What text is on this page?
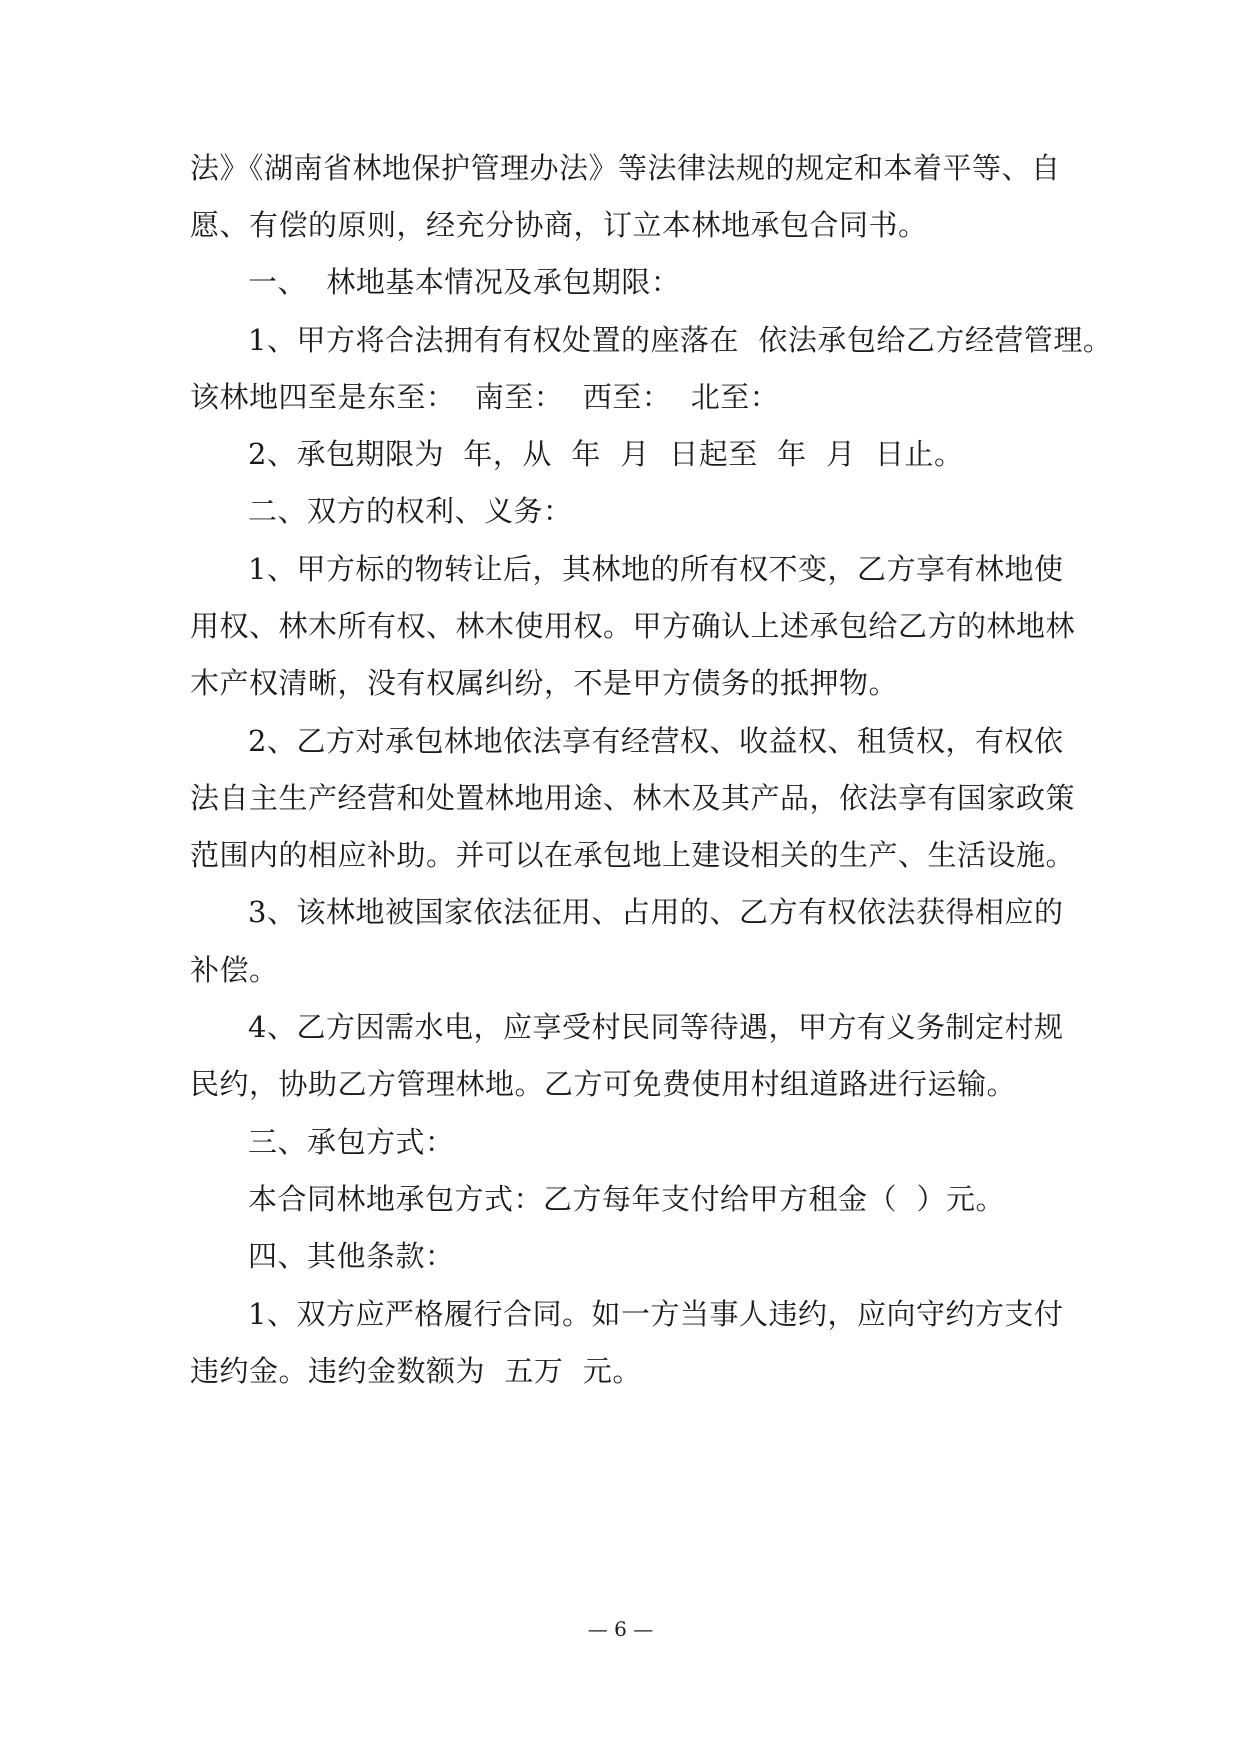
法》《湖南省林地保护管理办法》等法律法规的规定和本着平等、自
愿、有偿的原则，经充分协商，订立本林地承包合同书。
一、  林地基本情况及承包期限：
1、甲方将合法拥有有权处置的座落在  依法承包给乙方经营管理。
该林地四至是东至：  南至：  西至：  北至：
2、承包期限为  年，从  年  月  日起至  年  月  日止。
二、双方的权利、义务：
1、甲方标的物转让后，其林地的所有权不变，乙方享有林地使
用权、林木所有权、林木使用权。甲方确认上述承包给乙方的林地林
木产权清晰，没有权属纠纷，不是甲方债务的抵押物。
2、乙方对承包林地依法享有经营权、收益权、租赁权，有权依
法自主生产经营和处置林地用途、林木及其产品，依法享有国家政策
范围内的相应补助。并可以在承包地上建设相关的生产、生活设施。
3、该林地被国家依法征用、占用的、乙方有权依法获得相应的
补偿。
4、乙方因需水电，应享受村民同等待遇，甲方有义务制定村规
民约，协助乙方管理林地。乙方可免费使用村组道路进行运输。
三、承包方式：
本合同林地承包方式：乙方每年支付给甲方租金（  ）元。
四、其他条款：
1、双方应严格履行合同。如一方当事人违约，应向守约方支付
违约金。违约金数额为  五万  元。
— 6 —
